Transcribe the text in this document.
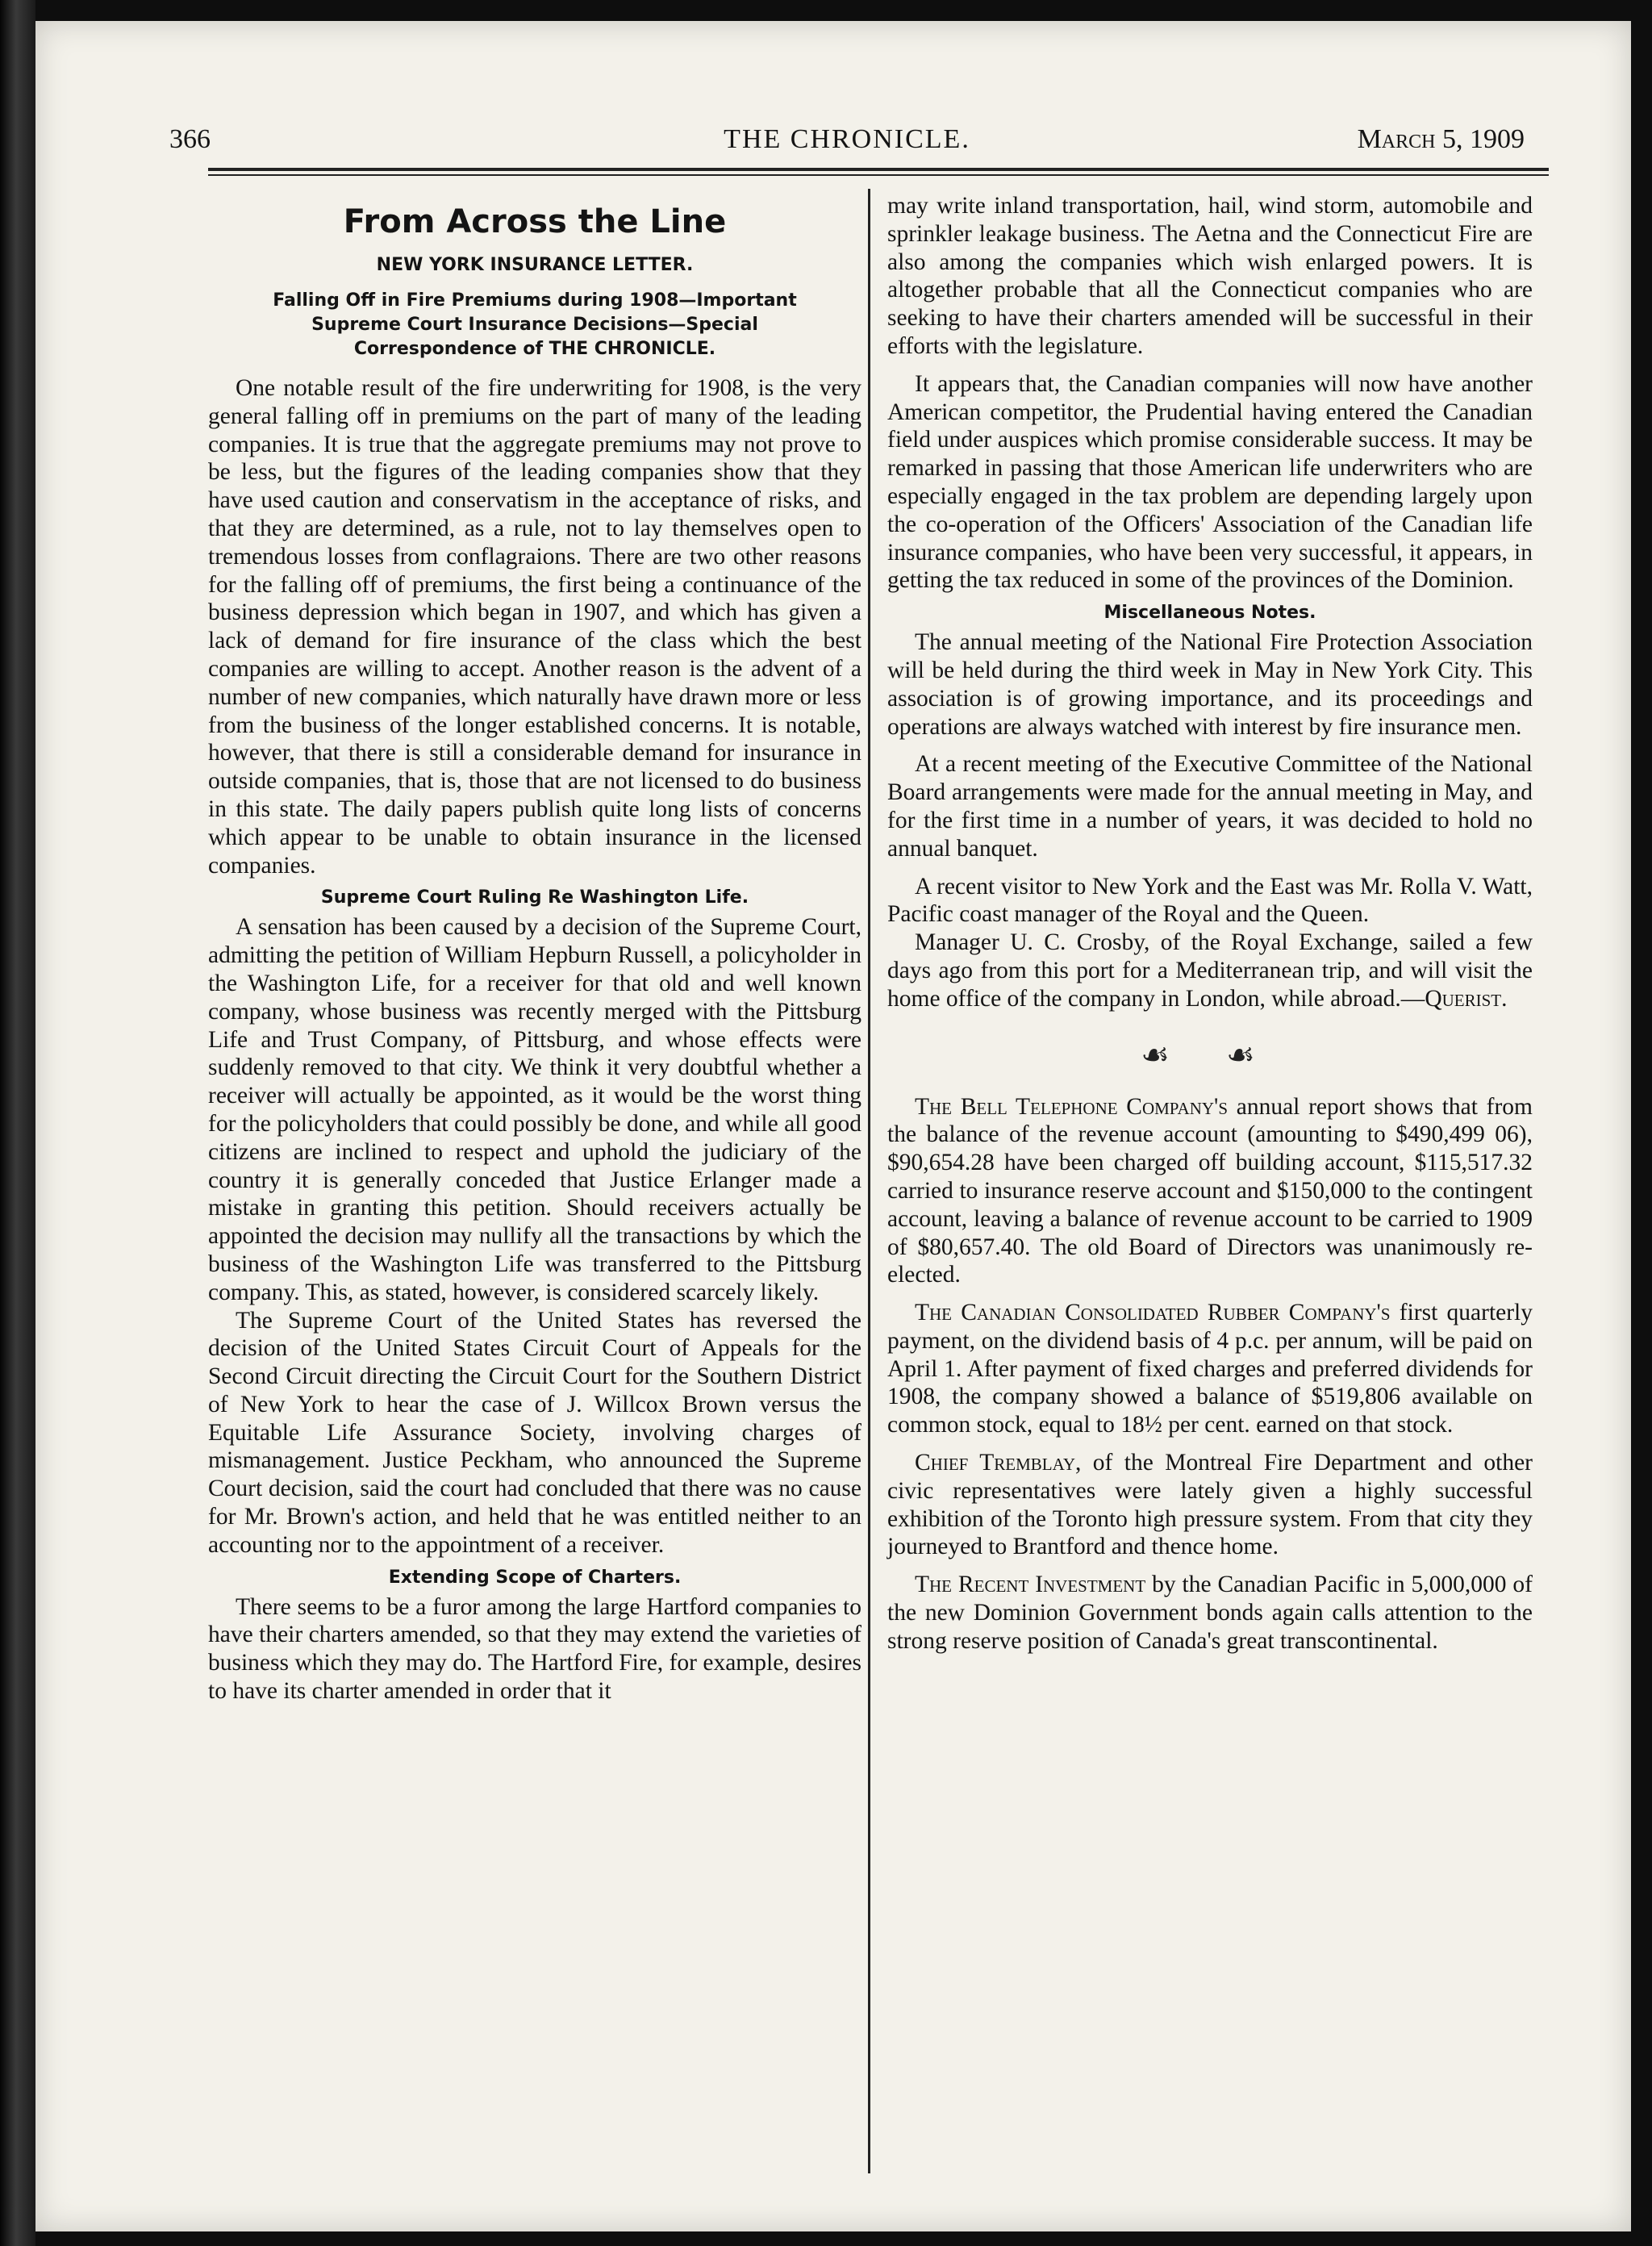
366	THE CHRONICLE.	March 5, 1909
From Across the Line
NEW YORK INSURANCE LETTER.
Falling Off in Fire Premiums during 1908—Important
Supreme Court Insurance Decisions—Special
Correspondence of THE CHRONICLE.

One notable result of the fire underwriting for 1908, is the very general falling off in premiums on the part of many of the leading companies. It is true that the aggregate premiums may not prove to be less, but the figures of the leading companies show that they have used caution and conservatism in the acceptance of risks, and that they are determined, as a rule, not to lay themselves open to tremendous losses from conflagraions. There are two other reasons for the falling off of premiums, the first being a continuance of the business depression which began in 1907, and which has given a lack of demand for fire insurance of the class which the best companies are willing to accept. Another reason is the advent of a number of new companies, which naturally have drawn more or less from the business of the longer established concerns. It is notable, however, that there is still a considerable demand for insurance in outside companies, that is, those that are not licensed to do business in this state. The daily papers publish quite long lists of concerns which appear to be unable to obtain insurance in the licensed companies.

Supreme Court Ruling Re Washington Life.

A sensation has been caused by a decision of the Supreme Court, admitting the petition of William Hepburn Russell, a policyholder in the Washington Life, for a receiver for that old and well known company, whose business was recently merged with the Pittsburg Life and Trust Company, of Pittsburg, and whose effects were suddenly removed to that city. We think it very doubtful whether a receiver will actually be appointed, as it would be the worst thing for the policyholders that could possibly be done, and while all good citizens are inclined to respect and uphold the judiciary of the country it is generally conceded that Justice Erlanger made a mistake in granting this petition. Should receivers actually be appointed the decision may nullify all the transactions by which the business of the Washington Life was transferred to the Pittsburg company. This, as stated, however, is considered scarcely likely.

The Supreme Court of the United States has reversed the decision of the United States Circuit Court of Appeals for the Second Circuit directing the Circuit Court for the Southern District of New York to hear the case of J. Willcox Brown versus the Equitable Life Assurance Society, involving charges of mismanagement. Justice Peckham, who announced the Supreme Court decision, said the court had concluded that there was no cause for Mr. Brown's action, and held that he was entitled neither to an accounting nor to the appointment of a receiver.

Extending Scope of Charters.

There seems to be a furor among the large Hartford companies to have their charters amended, so that they may extend the varieties of business which they may do. The Hartford Fire, for example, desires to have its charter amended in order that it

may write inland transportation, hail, wind storm, automobile and sprinkler leakage business. The Aetna and the Connecticut Fire are also among the companies which wish enlarged powers. It is altogether probable that all the Connecticut companies who are seeking to have their charters amended will be successful in their efforts with the legislature.

It appears that, the Canadian companies will now have another American competitor, the Prudential having entered the Canadian field under auspices which promise considerable success. It may be remarked in passing that those American life underwriters who are especially engaged in the tax problem are depending largely upon the co-operation of the Officers' Association of the Canadian life insurance companies, who have been very successful, it appears, in getting the tax reduced in some of the provinces of the Dominion.

Miscellaneous Notes.

The annual meeting of the National Fire Protection Association will be held during the third week in May in New York City. This association is of growing importance, and its proceedings and operations are always watched with interest by fire insurance men.

At a recent meeting of the Executive Committee of the National Board arrangements were made for the annual meeting in May, and for the first time in a number of years, it was decided to hold no annual banquet.

A recent visitor to New York and the East was Mr. Rolla V. Watt, Pacific coast manager of the Royal and the Queen.

Manager U. C. Crosby, of the Royal Exchange, sailed a few days ago from this port for a Mediterranean trip, and will visit the home office of the company in London, while abroad.—Querist.

☙ ☙

The Bell Telephone Company's annual report shows that from the balance of the revenue account (amounting to $490,499 06), $90,654.28 have been charged off building account, $115,517.32 carried to insurance reserve account and $150,000 to the contingent account, leaving a balance of revenue account to be carried to 1909 of $80,657.40. The old Board of Directors was unanimously re-elected.

The Canadian Consolidated Rubber Company's first quarterly payment, on the dividend basis of 4 p.c. per annum, will be paid on April 1. After payment of fixed charges and preferred dividends for 1908, the company showed a balance of $519,806 available on common stock, equal to 18½ per cent. earned on that stock.

Chief Tremblay, of the Montreal Fire Department and other civic representatives were lately given a highly successful exhibition of the Toronto high pressure system. From that city they journeyed to Brantford and thence home.

The Recent Investment by the Canadian Pacific in 5,000,000 of the new Dominion Government bonds again calls attention to the strong reserve position of Canada's great transcontinental.
